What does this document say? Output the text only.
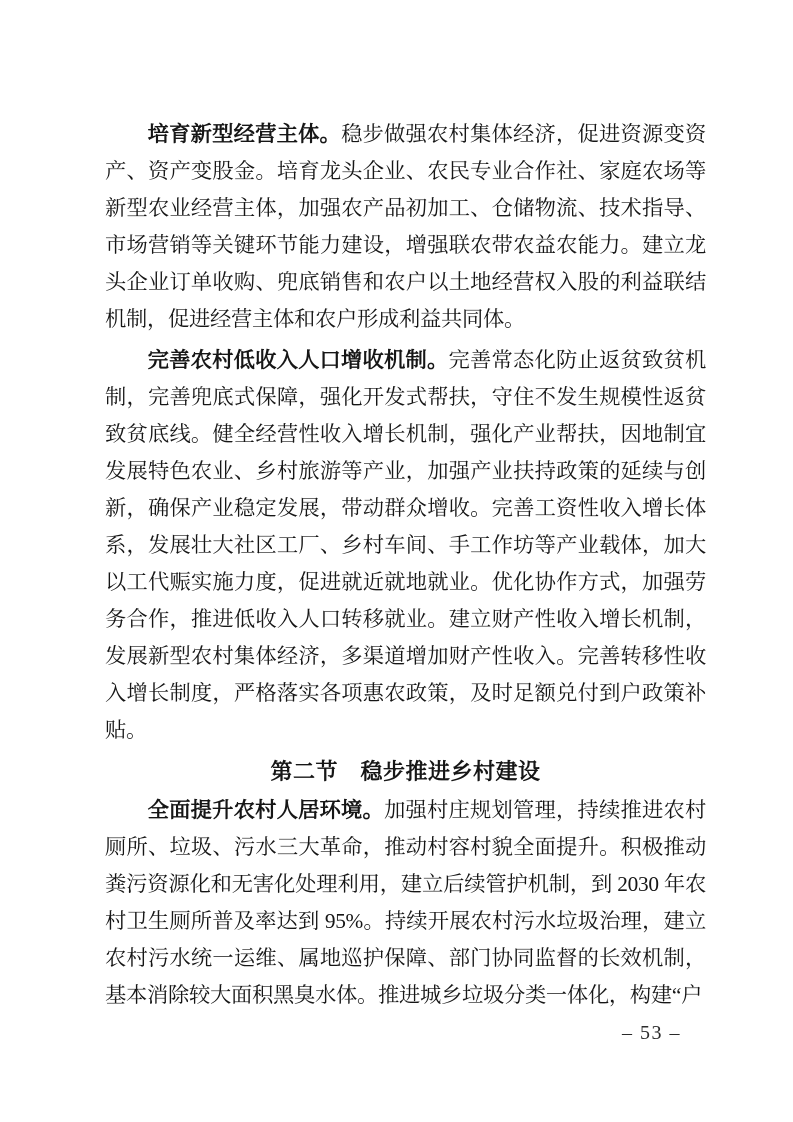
培育新型经营主体。稳步做强农村集体经济，促进资源变资产、资产变股金。培育龙头企业、农民专业合作社、家庭农场等新型农业经营主体，加强农产品初加工、仓储物流、技术指导、市场营销等关键环节能力建设，增强联农带农益农能力。建立龙头企业订单收购、兜底销售和农户以土地经营权入股的利益联结机制，促进经营主体和农户形成利益共同体。

完善农村低收入人口增收机制。完善常态化防止返贫致贫机制，完善兜底式保障，强化开发式帮扶，守住不发生规模性返贫致贫底线。健全经营性收入增长机制，强化产业帮扶，因地制宜发展特色农业、乡村旅游等产业，加强产业扶持政策的延续与创新，确保产业稳定发展，带动群众增收。完善工资性收入增长体系，发展壮大社区工厂、乡村车间、手工作坊等产业载体，加大以工代赈实施力度，促进就近就地就业。优化协作方式，加强劳务合作，推进低收入人口转移就业。建立财产性收入增长机制，发展新型农村集体经济，多渠道增加财产性收入。完善转移性收入增长制度，严格落实各项惠农政策，及时足额兑付到户政策补贴。

第二节　稳步推进乡村建设

全面提升农村人居环境。加强村庄规划管理，持续推进农村厕所、垃圾、污水三大革命，推动村容村貌全面提升。积极推动粪污资源化和无害化处理利用，建立后续管护机制，到 2030 年农村卫生厕所普及率达到 95%。持续开展农村污水垃圾治理，建立农村污水统一运维、属地巡护保障、部门协同监督的长效机制，基本消除较大面积黑臭水体。推进城乡垃圾分类一体化，构建“户

– 53 –
